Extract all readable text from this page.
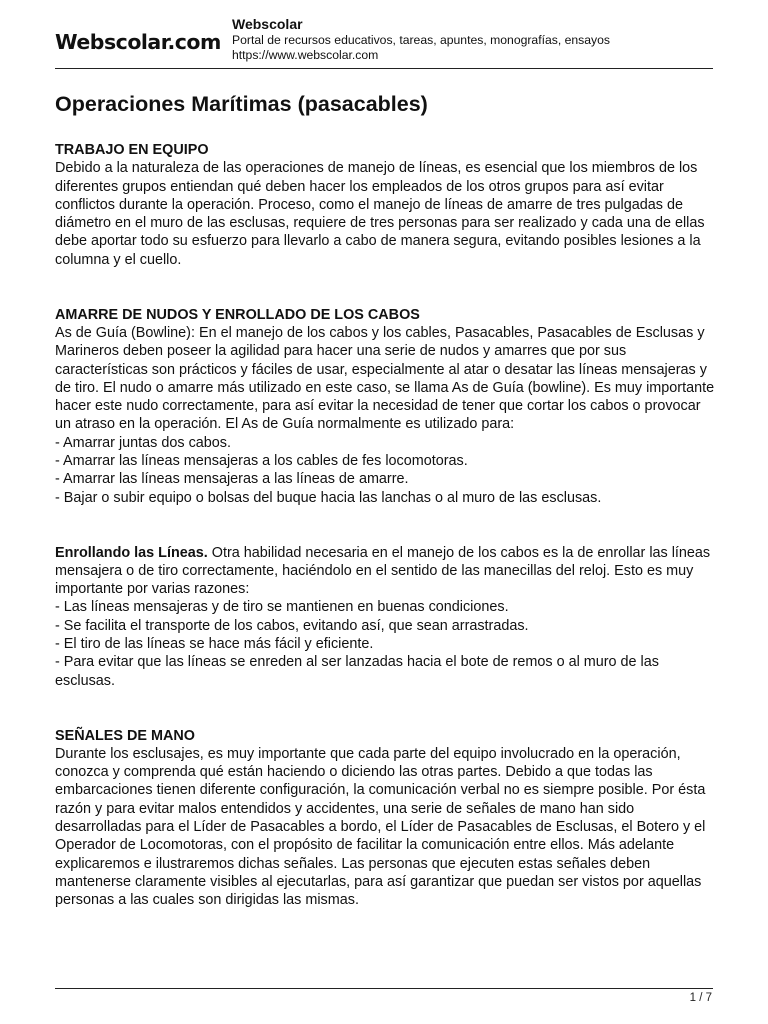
Webscolar.com
Webscolar
Portal de recursos educativos, tareas, apuntes, monografías, ensayos
https://www.webscolar.com
Operaciones Marítimas (pasacables)
TRABAJO EN EQUIPO
Debido a la naturaleza de las operaciones de manejo de líneas, es esencial que los miembros de los diferentes grupos entiendan qué deben hacer los empleados de los otros grupos para así evitar conflictos durante la operación. Proceso, como el manejo de líneas de amarre de tres pulgadas de diámetro en el muro de las esclusas, requiere de tres personas para ser realizado y cada una de ellas debe aportar todo su esfuerzo para llevarlo a cabo de manera segura, evitando posibles lesiones a la columna y el cuello.
AMARRE DE NUDOS Y ENROLLADO DE LOS CABOS
As de Guía (Bowline): En el manejo de los cabos y los cables, Pasacables, Pasacables de Esclusas y Marineros deben poseer la agilidad para hacer una serie de nudos y amarres que por sus características son prácticos y fáciles de usar, especialmente al atar o desatar las líneas mensajeras y de tiro. El nudo o amarre más utilizado en este caso, se llama As de Guía (bowline). Es muy importante hacer este nudo correctamente, para así evitar la necesidad de tener que cortar los cabos o provocar un atraso en la operación. El As de Guía normalmente es utilizado para:
- Amarrar juntas dos cabos.
- Amarrar las líneas mensajeras a los cables de fes locomotoras.
- Amarrar las líneas mensajeras a las líneas de amarre.
- Bajar o subir equipo o bolsas del buque hacia las lanchas o al muro de las esclusas.
Enrollando las Líneas. Otra habilidad necesaria en el manejo de los cabos es la de enrollar las líneas mensajera o de tiro correctamente, haciéndolo en el sentido de las manecillas del reloj. Esto es muy importante por varias razones:
- Las líneas mensajeras y de tiro se mantienen en buenas condiciones.
- Se facilita el transporte de los cabos, evitando así, que sean arrastradas.
- El tiro de las líneas se hace más fácil y eficiente.
- Para evitar que las líneas se enreden al ser lanzadas hacia el bote de remos o al muro de las esclusas.
SEÑALES DE MANO
Durante los esclusajes, es muy importante que cada parte del equipo involucrado en la operación, conozca y comprenda qué están haciendo o diciendo las otras partes. Debido a que todas las embarcaciones tienen diferente configuración, la comunicación verbal no es siempre posible. Por ésta razón y para evitar malos entendidos y accidentes, una serie de señales de mano han sido desarrolladas para el Líder de Pasacables a bordo, el Líder de Pasacables de Esclusas, el Botero y el Operador de Locomotoras, con el propósito de facilitar la comunicación entre ellos. Más adelante explicaremos e ilustraremos dichas señales. Las personas que ejecuten estas señales deben mantenerse claramente visibles al ejecutarlas, para así garantizar que puedan ser vistos por aquellas personas a las cuales son dirigidas las mismas.
1 / 7
